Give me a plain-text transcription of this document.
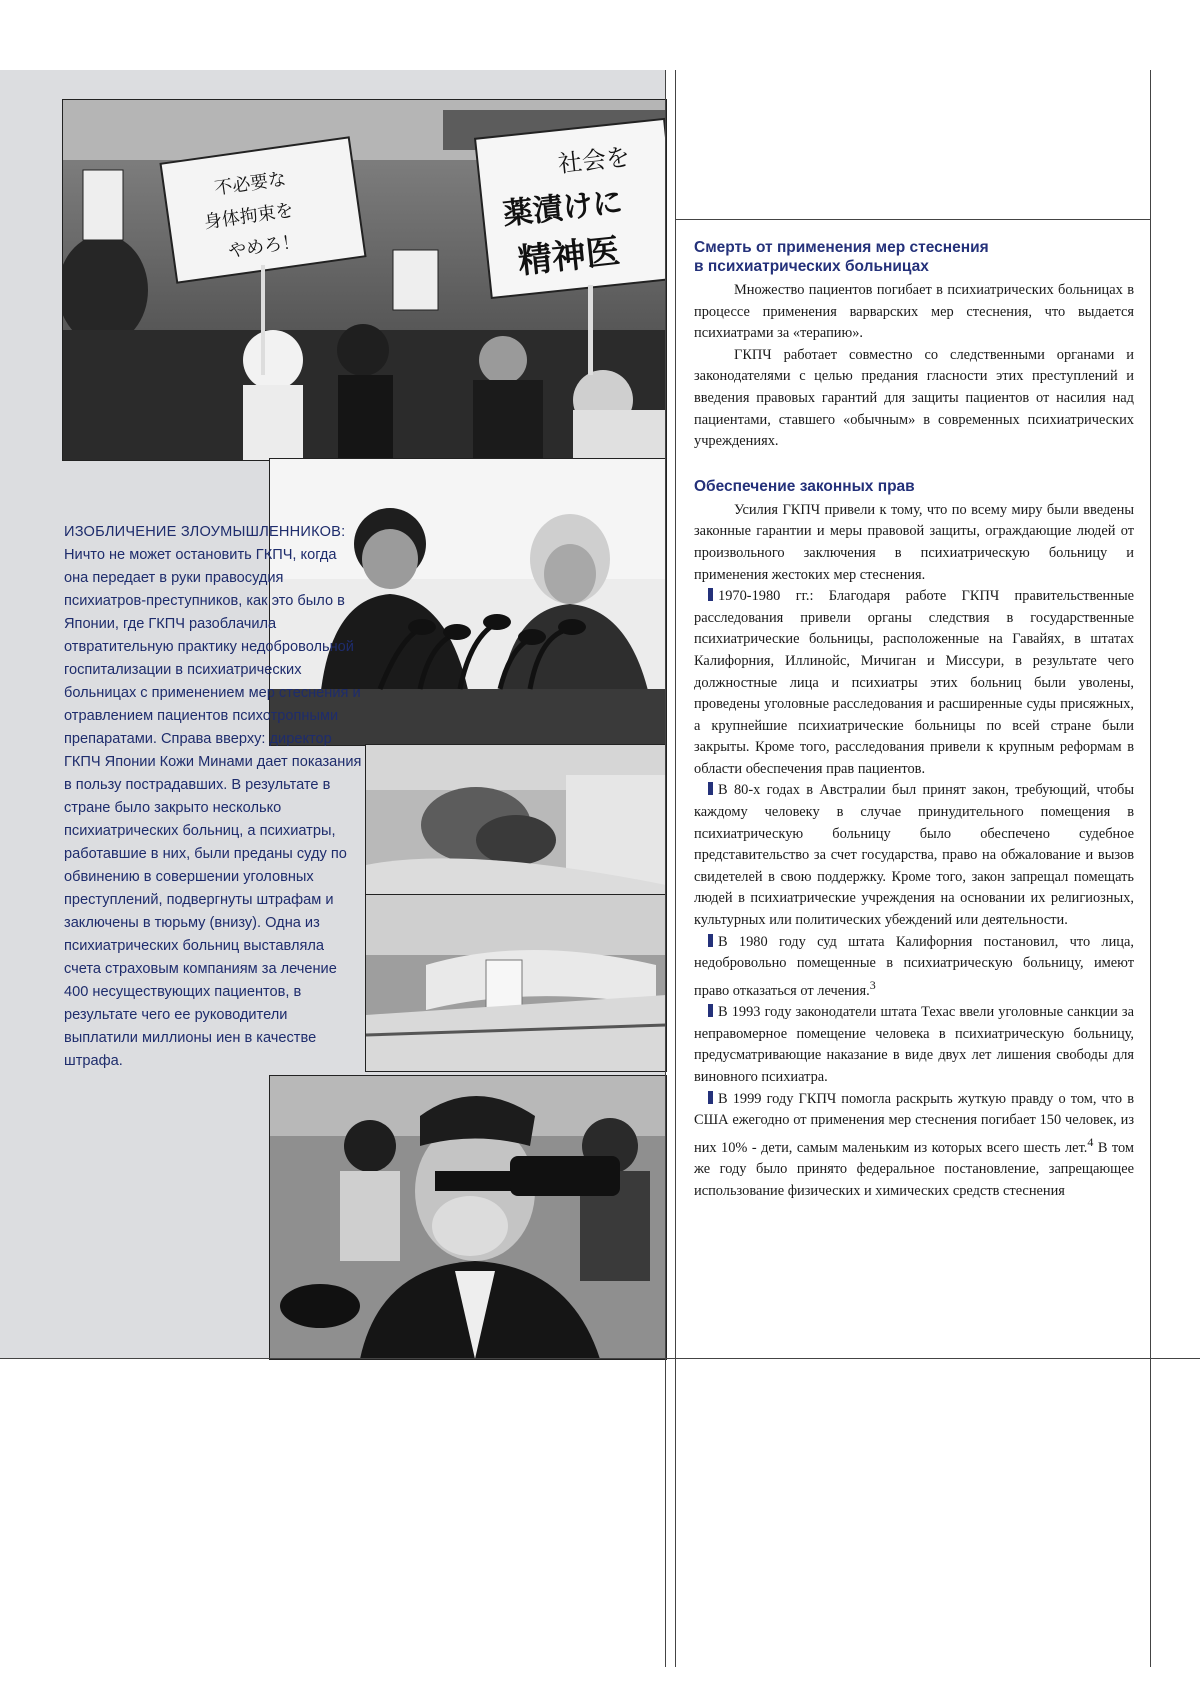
不必要な
身体拘束を
やめろ！
社会を
薬漬けに
精神医
ИЗОБЛИЧЕНИЕ ЗЛОУМЫШЛЕННИКОВ:
Ничто не может остановить ГКПЧ, когда она передает в руки правосудия психиатров-преступников, как это было в Японии, где ГКПЧ разоблачила отвратительную практику недобровольной госпитализации в психиатрических больницах с применением мер стеснения и отравлением пациентов психотропными препаратами. Справа вверху: директор ГКПЧ Японии Кожи Минами дает показания в пользу пострадавших. В результате в стране было закрыто несколько психиатрических больниц, а психиатры, работавшие в них, были преданы суду по обвинению в совершении уголовных преступлений, подвергнуты штрафам и заключены в тюрьму (внизу). Одна из психиатрических больниц выставляла счета страховым компаниям за лечение 400 несуществующих пациентов, в результате чего ее руководители выплатили миллионы иен в качестве штрафа.
Смерть от применения мер стеснения
в психиатрических больницах

Множество пациентов погибает в психиатрических больницах в процессе применения варварских мер стеснения, что выдается психиатрами за «терапию».

ГКПЧ работает совместно со следственными органами и законодателями с целью предания гласности этих преступлений и введения правовых гарантий для защиты пациентов от насилия над пациентами, ставшего «обычным» в современных психиатрических учреждениях.

Обеспечение законных прав

Усилия ГКПЧ привели к тому, что по всему миру были введены законные гарантии и меры правовой защиты, ограждающие людей от произвольного заключения в психиатрическую больницу и применения жестоких мер стеснения.

1970-1980 гг.: Благодаря работе ГКПЧ правительственные расследования привели органы следствия в государственные психиатрические больницы, расположенные на Гавайях, в штатах Калифорния, Иллинойс, Мичиган и Миссури, в результате чего должностные лица и психиатры этих больниц были уволены, проведены уголовные расследования и расширенные суды присяжных, а крупнейшие психиатрические больницы по всей стране были закрыты. Кроме того, расследования привели к крупным реформам в области обеспечения прав пациентов.

В 80-х годах в Австралии был принят закон, требующий, чтобы каждому человеку в случае принудительного помещения в психиатрическую больницу было обеспечено судебное представительство за счет государства, право на обжалование и вызов свидетелей в свою поддержку. Кроме того, закон запрещал помещать людей в психиатрические учреждения на основании их религиозных, культурных или политических убеждений или деятельности.

В 1980 году суд штата Калифорния постановил, что лица, недобровольно помещенные в психиатрическую больницу, имеют право отказаться от лечения.$^3$

В 1993 году законодатели штата Техас ввели уголовные санкции за неправомерное помещение человека в психиатрическую больницу, предусматривающие наказание в виде двух лет лишения свободы для виновного психиатра.

В 1999 году ГКПЧ помогла раскрыть жуткую правду о том, что в США ежегодно от применения мер стеснения погибает 150 человек, из них 10% - дети, самым маленьким из которых всего шесть лет.$^4$ В том же году было принято федеральное постановление, запрещающее использование физических и химических средств стеснения
